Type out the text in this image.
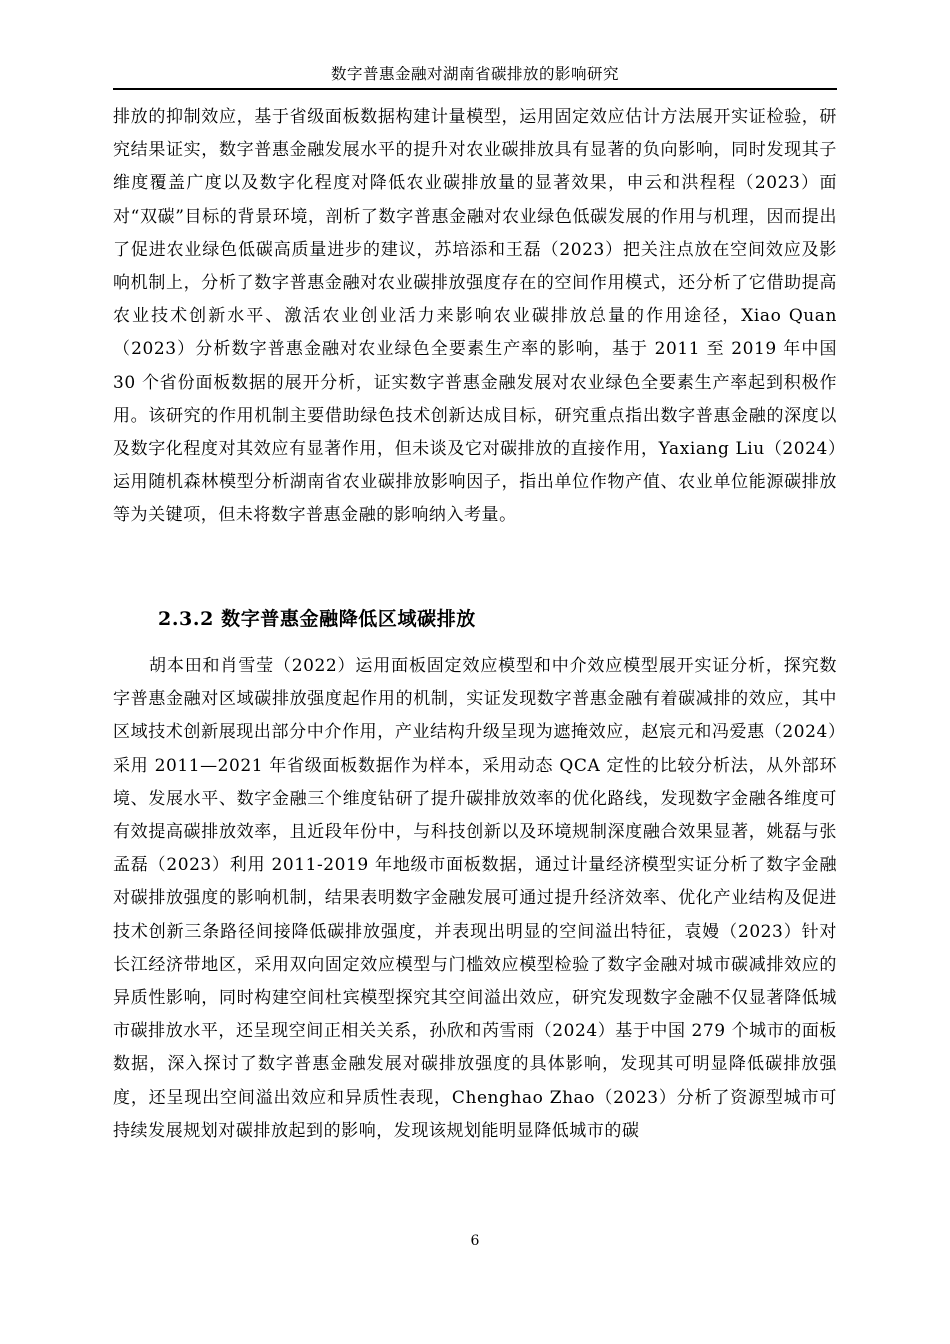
数字普惠金融对湖南省碳排放的影响研究

排放的抑制效应，基于省级面板数据构建计量模型，运用固定效应估计方法展开实证检验，研究结果证实，数字普惠金融发展水平的提升对农业碳排放具有显著的负向影响，同时发现其子维度覆盖广度以及数字化程度对降低农业碳排放量的显著效果，申云和洪程程（2023）面对“双碳”目标的背景环境，剖析了数字普惠金融对农业绿色低碳发展的作用与机理，因而提出了促进农业绿色低碳高质量进步的建议，苏培添和王磊（2023）把关注点放在空间效应及影响机制上，分析了数字普惠金融对农业碳排放强度存在的空间作用模式，还分析了它借助提高农业技术创新水平、激活农业创业活力来影响农业碳排放总量的作用途径，Xiao Quan（2023）分析数字普惠金融对农业绿色全要素生产率的影响，基于 2011 至 2019 年中国 30 个省份面板数据的展开分析，证实数字普惠金融发展对农业绿色全要素生产率起到积极作用。该研究的作用机制主要借助绿色技术创新达成目标，研究重点指出数字普惠金融的深度以及数字化程度对其效应有显著作用，但未谈及它对碳排放的直接作用，Yaxiang Liu（2024）运用随机森林模型分析湖南省农业碳排放影响因子，指出单位作物产值、农业单位能源碳排放等为关键项，但未将数字普惠金融的影响纳入考量。

2.3.2 数字普惠金融降低区域碳排放

胡本田和肖雪莹（2022）运用面板固定效应模型和中介效应模型展开实证分析，探究数字普惠金融对区域碳排放强度起作用的机制，实证发现数字普惠金融有着碳减排的效应，其中区域技术创新展现出部分中介作用，产业结构升级呈现为遮掩效应，赵宸元和冯爱惠（2024）采用 2011—2021 年省级面板数据作为样本，采用动态 QCA 定性的比较分析法，从外部环境、发展水平、数字金融三个维度钻研了提升碳排放效率的优化路线，发现数字金融各维度可有效提高碳排放效率，且近段年份中，与科技创新以及环境规制深度融合效果显著，姚磊与张孟磊（2023）利用 2011-2019 年地级市面板数据，通过计量经济模型实证分析了数字金融对碳排放强度的影响机制，结果表明数字金融发展可通过提升经济效率、优化产业结构及促进技术创新三条路径间接降低碳排放强度，并表现出明显的空间溢出特征，袁嫚（2023）针对长江经济带地区，采用双向固定效应模型与门槛效应模型检验了数字金融对城市碳减排效应的异质性影响，同时构建空间杜宾模型探究其空间溢出效应，研究发现数字金融不仅显著降低城市碳排放水平，还呈现空间正相关关系，孙欣和芮雪雨（2024）基于中国 279 个城市的面板数据，深入探讨了数字普惠金融发展对碳排放强度的具体影响，发现其可明显降低碳排放强度，还呈现出空间溢出效应和异质性表现，Chenghao Zhao（2023）分析了资源型城市可持续发展规划对碳排放起到的影响，发现该规划能明显降低城市的碳

6
